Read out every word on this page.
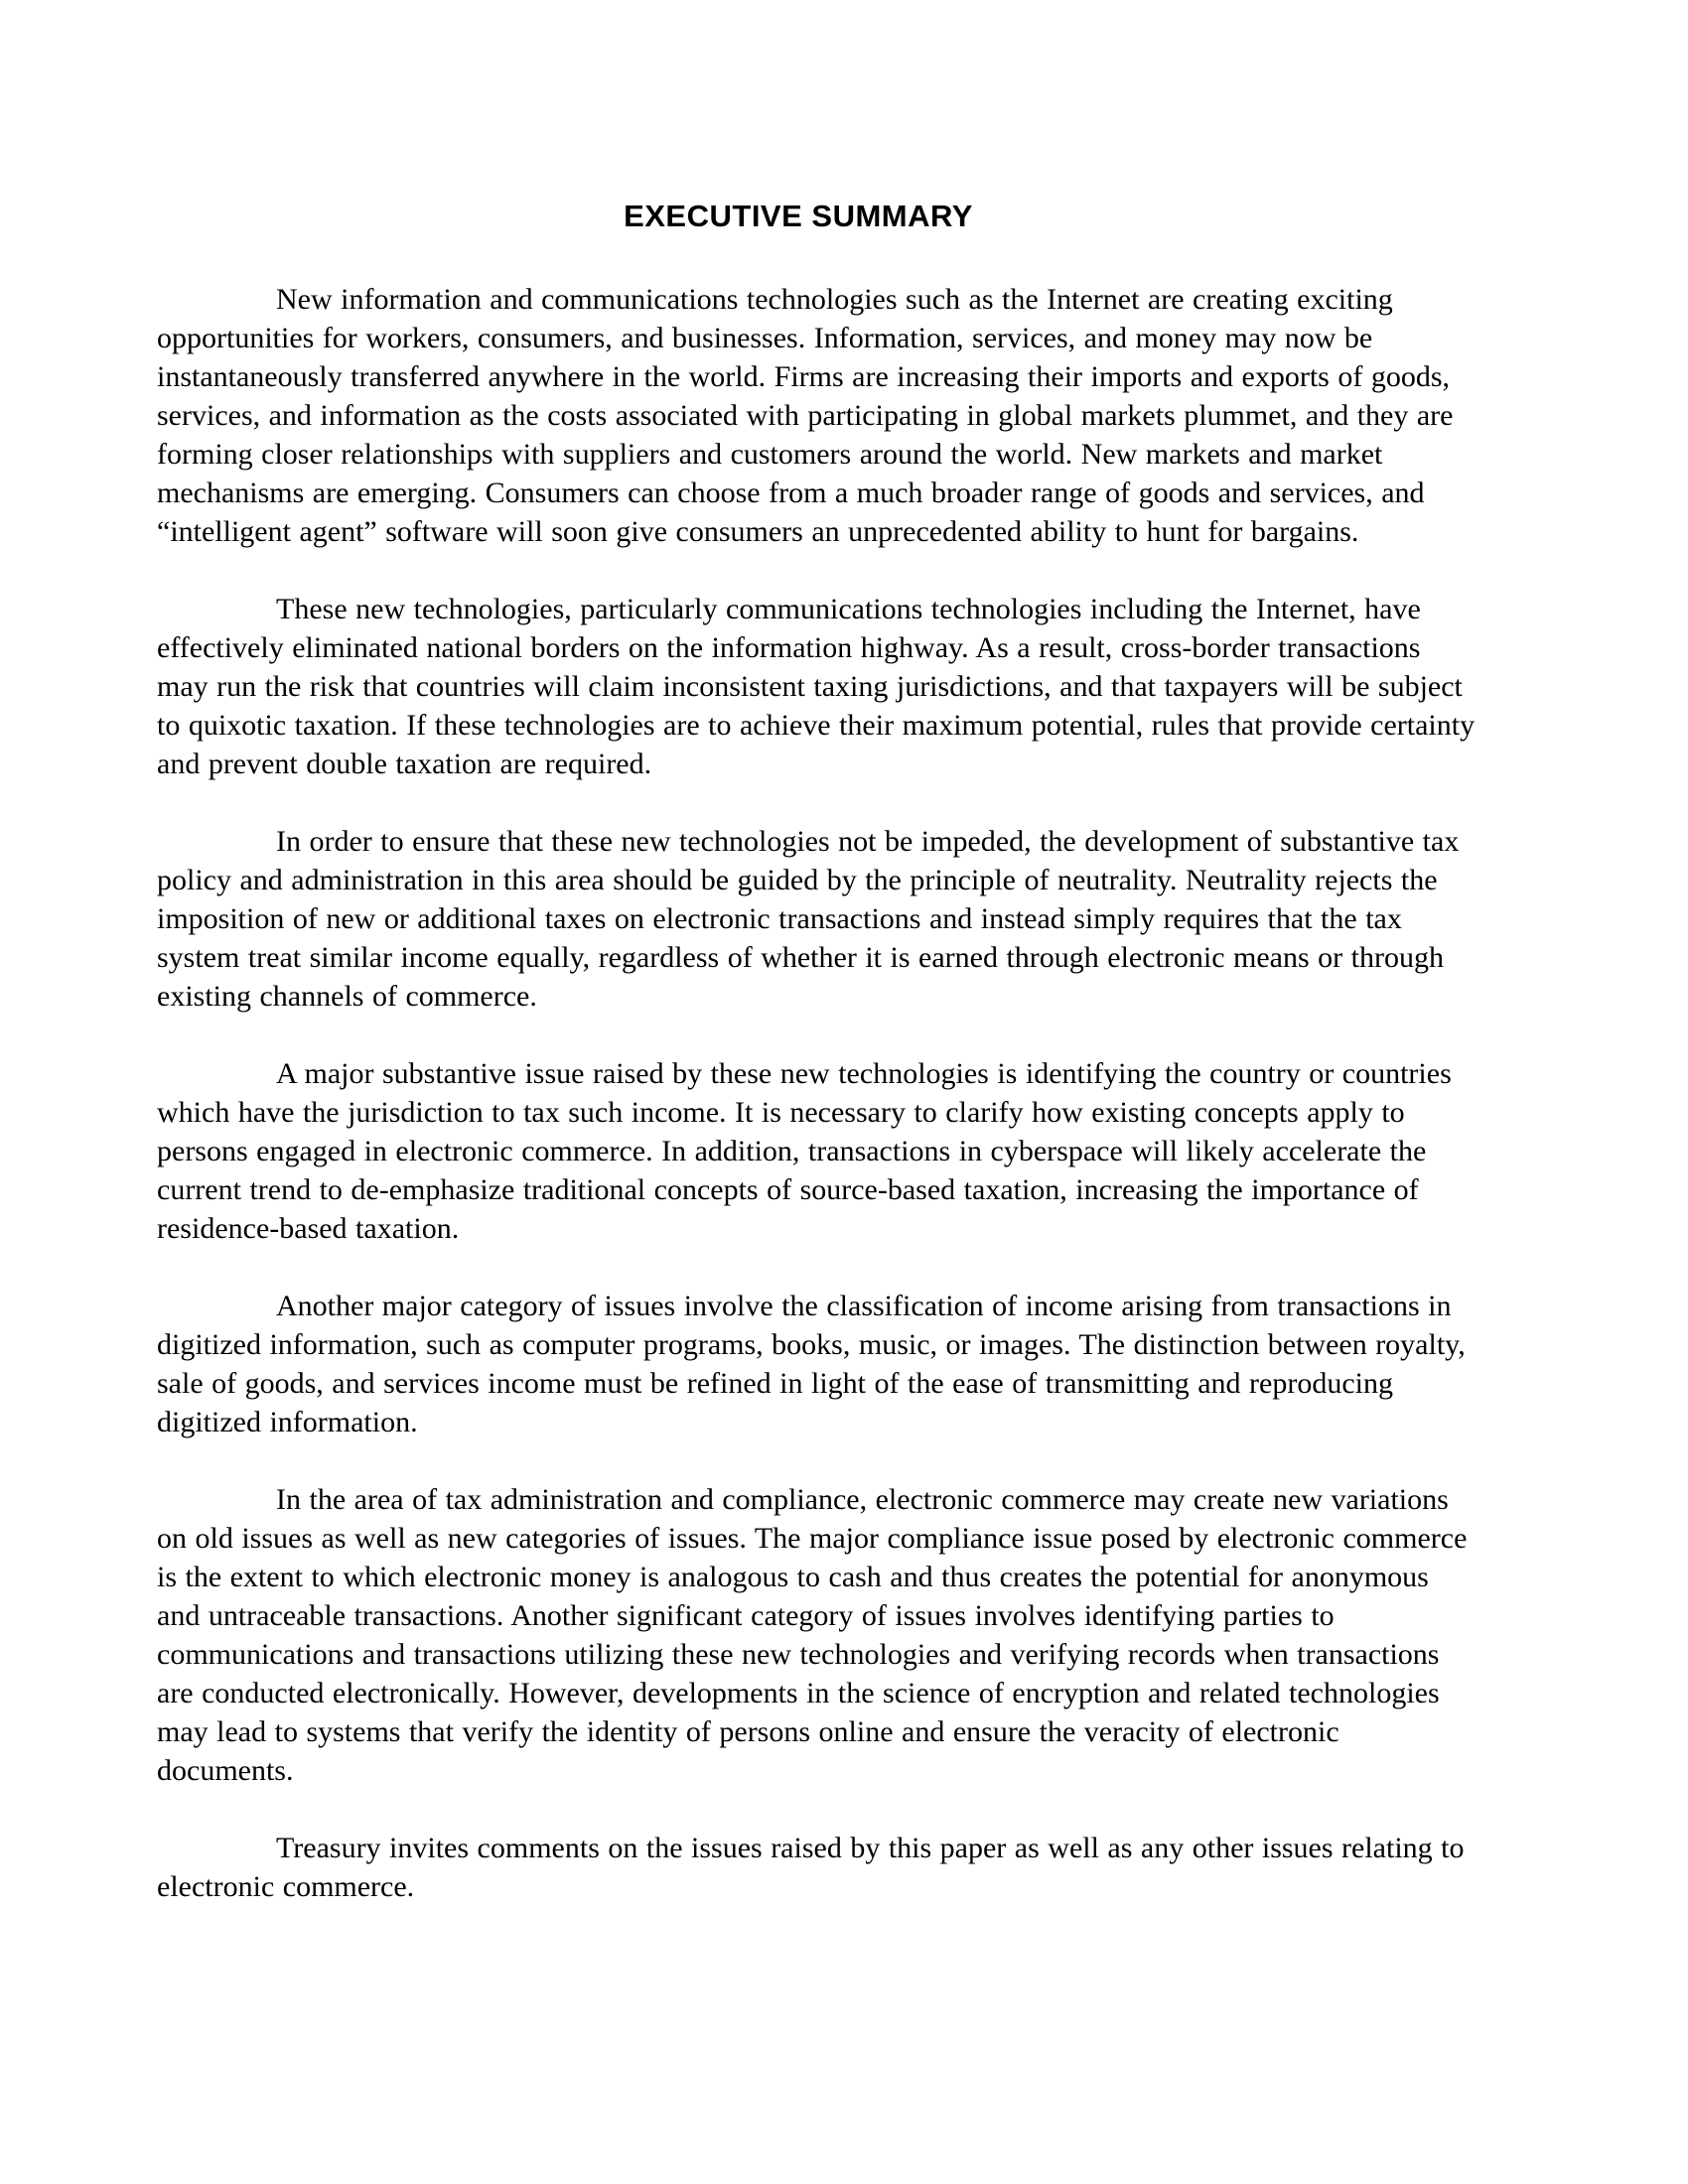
EXECUTIVE SUMMARY

New information and communications technologies such as the Internet are creating exciting opportunities for workers, consumers, and businesses. Information, services, and money may now be instantaneously transferred anywhere in the world. Firms are increasing their imports and exports of goods, services, and information as the costs associated with participating in global markets plummet, and they are forming closer relationships with suppliers and customers around the world. New markets and market mechanisms are emerging. Consumers can choose from a much broader range of goods and services, and “intelligent agent” software will soon give consumers an unprecedented ability to hunt for bargains.

These new technologies, particularly communications technologies including the Internet, have effectively eliminated national borders on the information highway. As a result, cross-border transactions may run the risk that countries will claim inconsistent taxing jurisdictions, and that taxpayers will be subject to quixotic taxation. If these technologies are to achieve their maximum potential, rules that provide certainty and prevent double taxation are required.

In order to ensure that these new technologies not be impeded, the development of substantive tax policy and administration in this area should be guided by the principle of neutrality. Neutrality rejects the imposition of new or additional taxes on electronic transactions and instead simply requires that the tax system treat similar income equally, regardless of whether it is earned through electronic means or through existing channels of commerce.

A major substantive issue raised by these new technologies is identifying the country or countries which have the jurisdiction to tax such income. It is necessary to clarify how existing concepts apply to persons engaged in electronic commerce. In addition, transactions in cyberspace will likely accelerate the current trend to de-emphasize traditional concepts of source-based taxation, increasing the importance of residence-based taxation.

Another major category of issues involve the classification of income arising from transactions in digitized information, such as computer programs, books, music, or images. The distinction between royalty, sale of goods, and services income must be refined in light of the ease of transmitting and reproducing digitized information.

In the area of tax administration and compliance, electronic commerce may create new variations on old issues as well as new categories of issues. The major compliance issue posed by electronic commerce is the extent to which electronic money is analogous to cash and thus creates the potential for anonymous and untraceable transactions. Another significant category of issues involves identifying parties to communications and transactions utilizing these new technologies and verifying records when transactions are conducted electronically. However, developments in the science of encryption and related technologies may lead to systems that verify the identity of persons online and ensure the veracity of electronic documents.

Treasury invites comments on the issues raised by this paper as well as any other issues relating to electronic commerce.
